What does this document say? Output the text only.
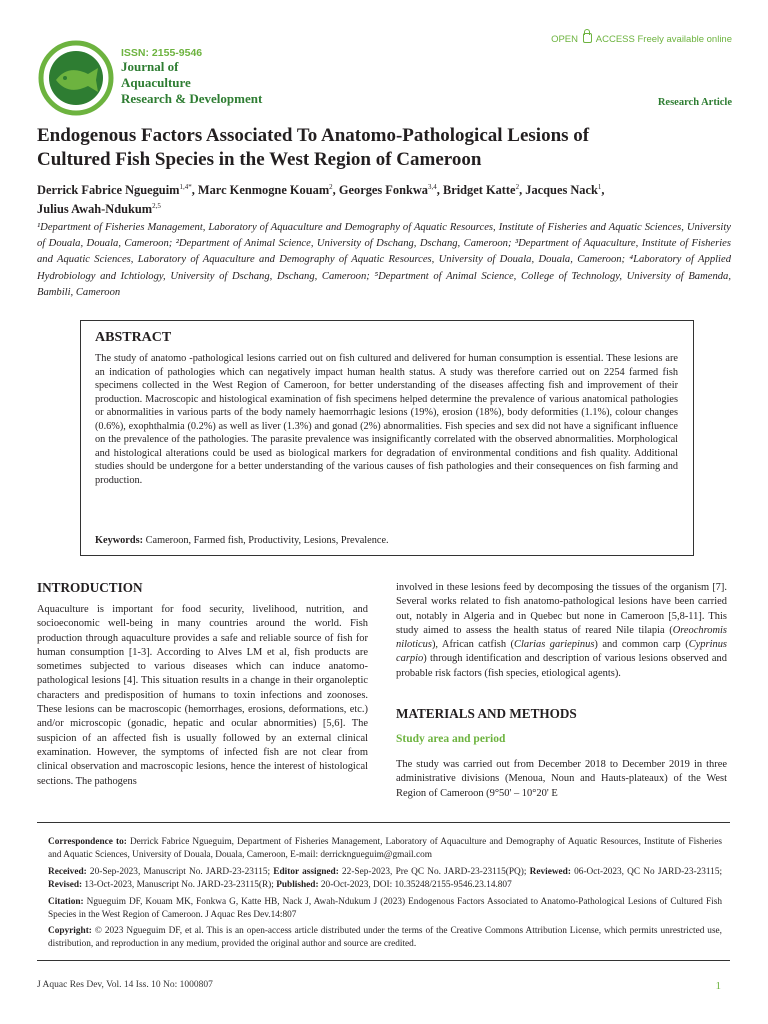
ISSN: 2155-9546
Journal of
Aquaculture
Research & Development
OPEN ACCESS Freely available online
Research Article
Endogenous Factors Associated To Anatomo-Pathological Lesions of
Cultured Fish Species in the West Region of Cameroon
Derrick Fabrice Ngueguim$^{1,4*}$, Marc Kenmogne Kouam$^2$, Georges Fonkwa$^{3,4}$, Bridget Katte$^2$, Jacques Nack$^1$,
Julius Awah-Ndukum$^{2,5}$
¹Department of Fisheries Management, Laboratory of Aquaculture and Demography of Aquatic Resources, Institute of Fisheries and Aquatic Sciences, University of Douala, Douala, Cameroon; ²Department of Animal Science, University of Dschang, Dschang, Cameroon; ³Department of Aquaculture, Institute of Fisheries and Aquatic Sciences, Laboratory of Aquaculture and Demography of Aquatic Resources, University of Douala, Douala, Cameroon; ⁴Laboratory of Applied Hydrobiology and Ichtiology, University of Dschang, Dschang, Cameroon; ⁵Department of Animal Science, College of Technology, University of Bamenda, Bambili, Cameroon
ABSTRACT
The study of anatomo -pathological lesions carried out on fish cultured and delivered for human consumption is essential. These lesions are an indication of pathologies which can negatively impact human health status. A study was therefore carried out on 2254 farmed fish specimens collected in the West Region of Cameroon, for better understanding of the diseases affecting fish and improvement of their production. Macroscopic and histological examination of fish specimens helped determine the prevalence of various anatomical pathologies or abnormalities in various parts of the body namely haemorrhagic lesions (19%), erosion (18%), body deformities (1.1%), colour changes (0.6%), exophthalmia (0.2%) as well as liver (1.3%) and gonad (2%) abnormalities. Fish species and sex did not have a significant influence on the prevalence of the pathologies. The parasite prevalence was insignificantly correlated with the observed abnormalities. Morphological and histological alterations could be used as biological markers for degradation of environmental conditions and fish quality. Additional studies should be undergone for a better understanding of the various causes of fish pathologies and their consequences on fish farming and production.
Keywords: Cameroon, Farmed fish, Productivity, Lesions, Prevalence.
INTRODUCTION
Aquaculture is important for food security, livelihood, nutrition, and socioeconomic well-being in many countries around the world. Fish production through aquaculture provides a safe and reliable source of fish for human consumption [1-3]. According to Alves LM et al, fish products are sometimes subjected to various diseases which can induce anatomo-pathological lesions [4]. This situation results in a change in their organoleptic characters and predisposition of humans to toxin infections and zoonoses. These lesions can be macroscopic (hemorrhages, erosions, deformations, etc.) and/or microscopic (gonadic, hepatic and ocular abnormities) [5,6]. The suspicion of an affected fish is usually followed by an external clinical examination. However, the symptoms of infected fish are not clear from clinical observation and macroscopic lesions, hence the interest of histological sections. The pathogens
involved in these lesions feed by decomposing the tissues of the organism [7]. Several works related to fish anatomo-pathological lesions have been carried out, notably in Algeria and in Quebec but none in Cameroon [5,8-11]. This study aimed to assess the health status of reared Nile tilapia (Oreochromis niloticus), African catfish (Clarias gariepinus) and common carp (Cyprinus carpio) through identification and description of various lesions observed and probable risk factors (fish species, etiological agents).
MATERIALS AND METHODS
Study area and period
The study was carried out from December 2018 to December 2019 in three administrative divisions (Menoua, Noun and Hauts-plateaux) of the West Region of Cameroon (9°50' – 10°20' E
Correspondence to: Derrick Fabrice Ngueguim, Department of Fisheries Management, Laboratory of Aquaculture and Demography of Aquatic Resources, Institute of Fisheries and Aquatic Sciences, University of Douala, Douala, Cameroon, E-mail: derrickngueguim@gmail.com
Received: 20-Sep-2023, Manuscript No. JARD-23-23115; Editor assigned: 22-Sep-2023, Pre QC No. JARD-23-23115(PQ); Reviewed: 06-Oct-2023, QC No JARD-23-23115; Revised: 13-Oct-2023, Manuscript No. JARD-23-23115(R); Published: 20-Oct-2023, DOI: 10.35248/2155-9546.23.14.807
Citation: Ngueguim DF, Kouam MK, Fonkwa G, Katte HB, Nack J, Awah-Ndukum J (2023) Endogenous Factors Associated to Anatomo-Pathological Lesions of Cultured Fish Species in the West Region of Cameroon. J Aquac Res Dev.14:807
Copyright: © 2023 Ngueguim DF, et al. This is an open-access article distributed under the terms of the Creative Commons Attribution License, which permits unrestricted use, distribution, and reproduction in any medium, provided the original author and source are credited.
J Aquac Res Dev, Vol. 14 Iss. 10 No: 1000807	1
